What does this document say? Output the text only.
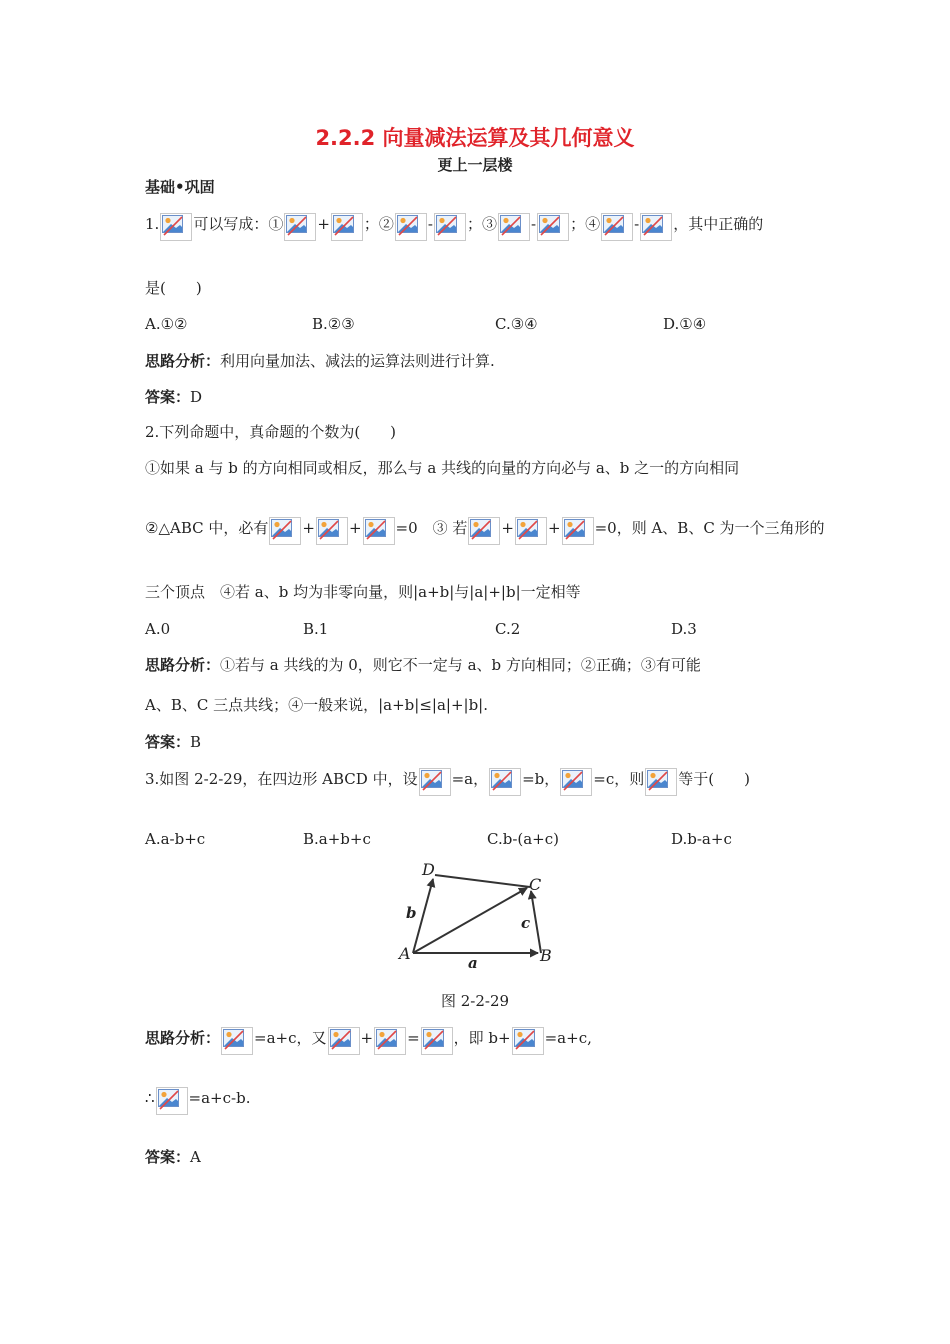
2.2.2 向量减法运算及其几何意义
更上一层楼
基础•巩固
1. 可以写成：① + ；② - ；③ - ；④ - ，其中正确的
是(　　)
A.①②	B.②③	C.③④	D.①④
思路分析：利用向量加法、减法的运算法则进行计算.
答案：D
2.下列命题中，真命题的个数为(　　)
①如果 a 与 b 的方向相同或相反，那么与 a 共线的向量的方向必与 a、b 之一的方向相同
②△ABC 中，必有 + + =0　③ 若 + + =0，则 A、B、C 为一个三角形的
三个顶点　④若 a、b 均为非零向量，则|a+b|与|a|+|b|一定相等
A.0	B.1	C.2	D.3
思路分析：①若与 a 共线的为 0，则它不一定与 a、b 方向相同；②正确；③有可能
A、B、C 三点共线；④一般来说，|a+b|≤|a|+|b|.
答案：B
3.如图 2-2-29，在四边形 ABCD 中，设 =a， =b， =c，则 等于(　　)
A.a-b+c	B.a+b+c	C.b-(a+c)	D.b-a+c
D
C
A	B
b
c
a
图 2-2-29
思路分析： =a+c，又 + = ，即 b+ =a+c,
∴ =a+c-b.
答案：A
